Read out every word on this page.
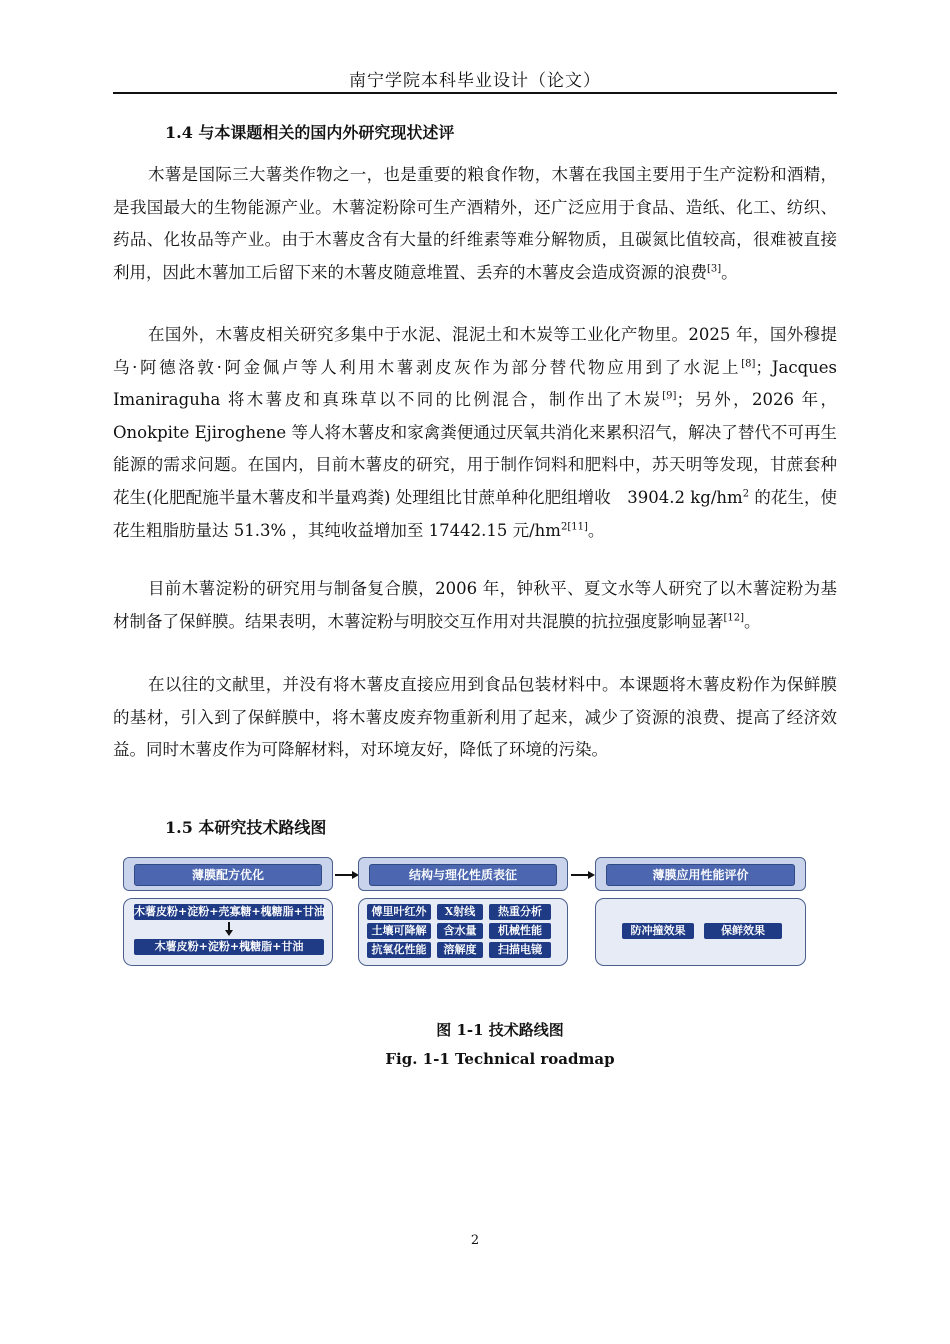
南宁学院本科毕业设计（论文）
1.4 与本课题相关的国内外研究现状述评

木薯是国际三大薯类作物之一，也是重要的粮食作物，木薯在我国主要用于生产淀粉和酒精，是我国最大的生物能源产业。木薯淀粉除可生产酒精外，还广泛应用于食品、造纸、化工、纺织、药品、化妆品等产业。由于木薯皮含有大量的纤维素等难分解物质，且碳氮比值较高，很难被直接利用，因此木薯加工后留下来的木薯皮随意堆置、丢弃的木薯皮会造成资源的浪费[3]。

在国外，木薯皮相关研究多集中于水泥、混泥土和木炭等工业化产物里。2025 年，国外穆提乌·阿德洛敦·阿金佩卢等人利用木薯剥皮灰作为部分替代物应用到了水泥上[8]；Jacques Imaniraguha 将木薯皮和真珠草以不同的比例混合，制作出了木炭[9]；另外，2026 年，Onokpite Ejiroghene 等人将木薯皮和家禽粪便通过厌氧共消化来累积沼气，解决了替代不可再生能源的需求问题。在国内，目前木薯皮的研究，用于制作饲料和肥料中，苏天明等发现，甘蔗套种花生(化肥配施半量木薯皮和半量鸡粪) 处理组比甘蔗单种化肥组增收　3904.2 $kg/hm^2$ 的花生，使花生粗脂肪量达 51.3% ，其纯收益增加至 17442.15 元$/hm^{2[11]}$。

目前木薯淀粉的研究用与制备复合膜，2006 年，钟秋平、夏文水等人研究了以木薯淀粉为基材制备了保鲜膜。结果表明，木薯淀粉与明胶交互作用对共混膜的抗拉强度影响显著[12]。

在以往的文献里，并没有将木薯皮直接应用到食品包装材料中。本课题将木薯皮粉作为保鲜膜的基材，引入到了保鲜膜中，将木薯皮废弃物重新利用了起来，减少了资源的浪费、提高了经济效益。同时木薯皮作为可降解材料，对环境友好，降低了环境的污染。

1.5 本研究技术路线图
薄膜配方优化
木薯皮粉+淀粉+壳寡糖+槐糖脂+甘油
木薯皮粉+淀粉+槐糖脂+甘油
结构与理化性质表征
傅里叶红外	X射线	热重分析
土壤可降解	含水量	机械性能
抗氧化性能	溶解度	扫描电镜
薄膜应用性能评价
防冲撞效果	保鲜效果
图 1-1 技术路线图
Fig. 1-1 Technical roadmap
2
